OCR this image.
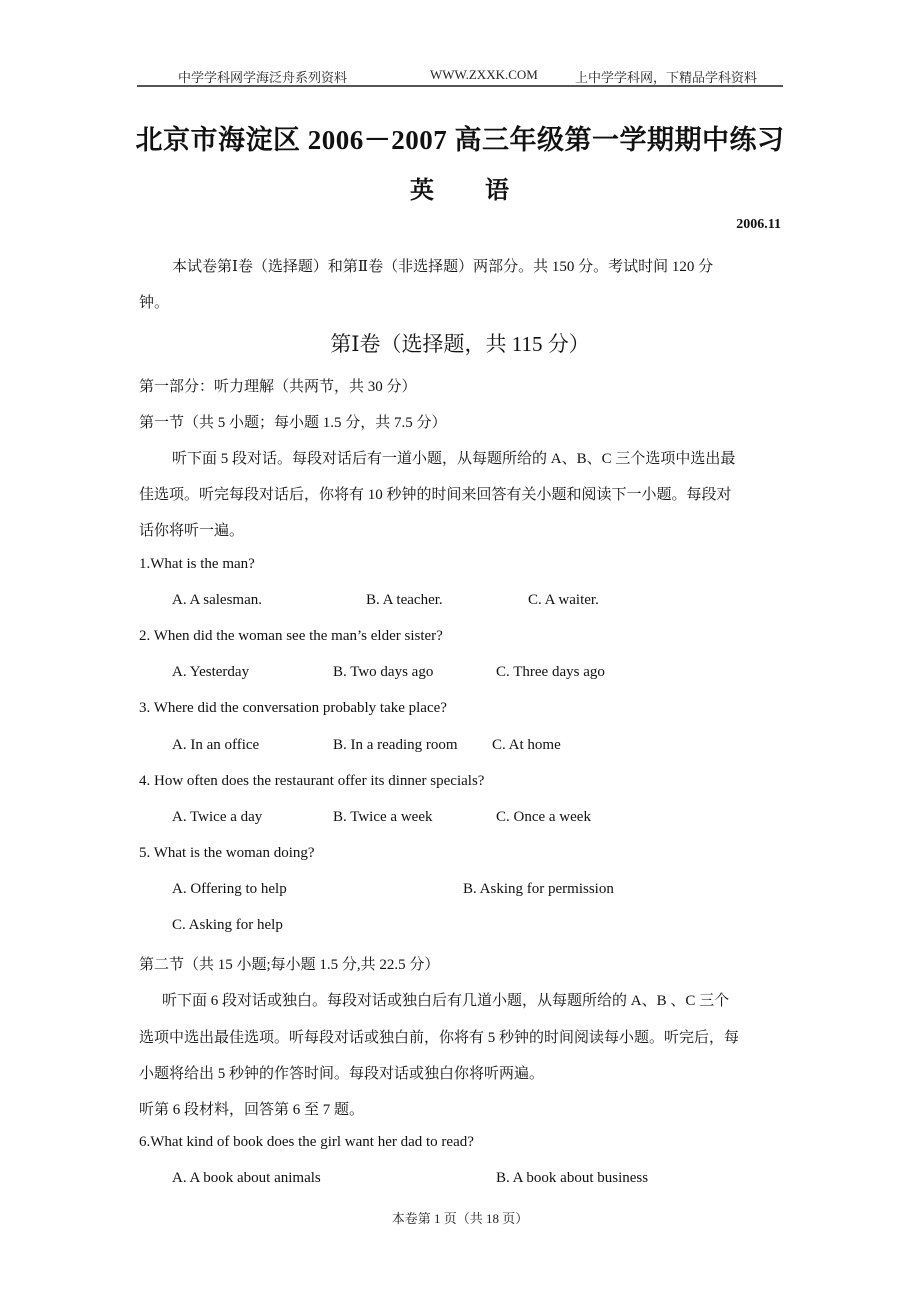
中学学科网学海泛舟系列资料	WWW.ZXXK.COM	上中学学科网，下精品学科资料
北京市海淀区 2006－2007 高三年级第一学期期中练习
英 语
2006.11
本试卷第Ⅰ卷（选择题）和第Ⅱ卷（非选择题）两部分。共 150 分。考试时间 120 分
钟。
第Ⅰ卷（选择题，共 115 分）
第一部分：听力理解（共两节，共 30 分）
第一节（共 5 小题；每小题 1.5 分，共 7.5 分）
听下面 5 段对话。每段对话后有一道小题，从每题所给的 A、B、C 三个选项中选出最
佳选项。听完每段对话后，你将有 10 秒钟的时间来回答有关小题和阅读下一小题。每段对
话你将听一遍。
1.What is the man?
A. A salesman.	B. A teacher.	C. A waiter.
2. When did the woman see the man’s elder sister?
A. Yesterday	B. Two days ago	C. Three days ago
3. Where did the conversation probably take place?
A. In an office	B. In a reading room C. At home
4. How often does the restaurant offer its dinner specials?
A. Twice a day	B. Twice a week	C. Once a week
5. What is the woman doing?
A. Offering to help	B. Asking for permission
C. Asking for help
第二节（共 15 小题;每小题 1.5 分,共 22.5 分）
听下面 6 段对话或独白。每段对话或独白后有几道小题，从每题所给的 A、B 、C 三个
选项中选出最佳选项。听每段对话或独白前，你将有 5 秒钟的时间阅读每小题。听完后，每
小题将给出 5 秒钟的作答时间。每段对话或独白你将听两遍。
听第 6 段材料，回答第 6 至 7 题。
6.What kind of book does the girl want her dad to read?
A. A book about animals	B. A book about business
本卷第 1 页（共 18 页）
